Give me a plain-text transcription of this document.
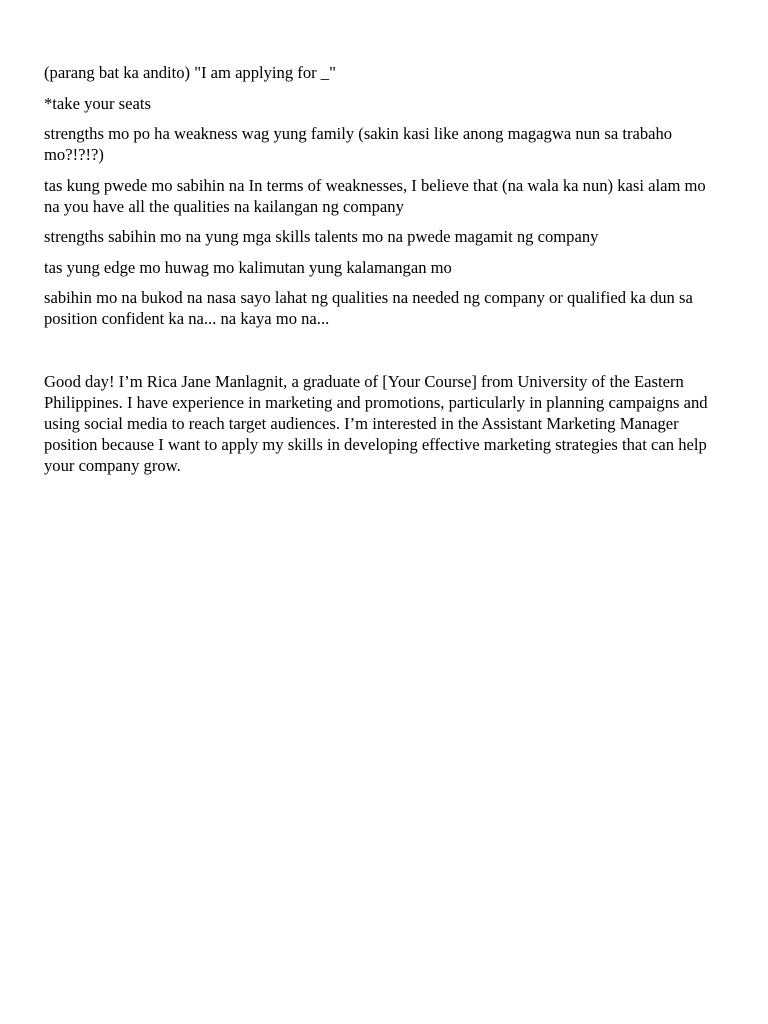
(parang bat ka andito) "I am applying for _"

*take your seats

strengths mo po ha weakness wag yung family (sakin kasi like anong magagwa nun sa trabaho mo?!?!?)

tas kung pwede mo sabihin na In terms of weaknesses, I believe that (na wala ka nun) kasi alam mo na you have all the qualities na kailangan ng company

strengths sabihin mo na yung mga skills talents mo na pwede magamit ng company

tas yung edge mo huwag mo kalimutan yung kalamangan mo

sabihin mo na bukod na nasa sayo lahat ng qualities na needed ng company or qualified ka dun sa position confident ka na... na kaya mo na...

Good day! I’m Rica Jane Manlagnit, a graduate of [Your Course] from University of the Eastern Philippines. I have experience in marketing and promotions, particularly in planning campaigns and using social media to reach target audiences. I’m interested in the Assistant Marketing Manager position because I want to apply my skills in developing effective marketing strategies that can help your company grow.
